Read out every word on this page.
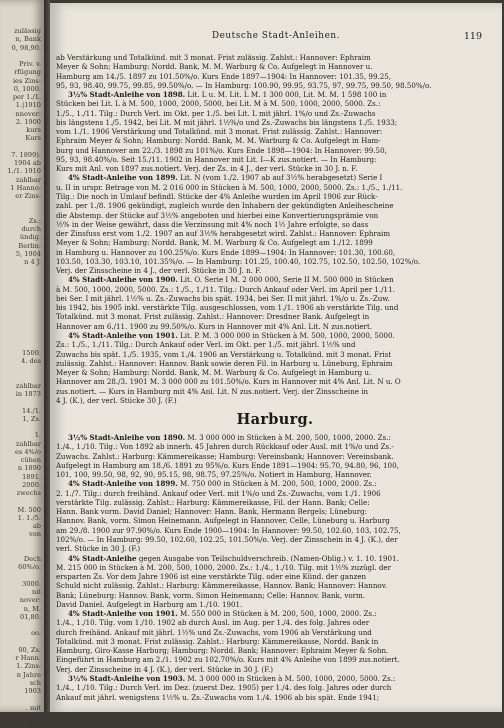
zulässig
n, Bank
0, 98,90.
Priv. v.
rfügung
ies Zins-
0, 1000.
per 1./1.
1.|1910
nnover:
2. 1900
kurs
Kurs
7. 1899).
1904 ab
1./1. 1910
zahlbar
1 Hanno-
er Zins-
Zs.:
durch
ündig.
Berlin:
5, 1904
n 4 J.
1500.
4. des
zahlbar
in 1873
14./1.
1, Zs.
1.
zahlbar
es 4%/o
cühen
n 1890
1891.
2000.
zwechs
M. 500
1. 1./5.
ab
von
Dech
60%/o.
3000.
nit
nover:
n, M.
01,80.
oo.
00, Zs.
r Hann.
1. Zins-
n Jahre
sch
1903
. mit
ilung
1906
Deutsche Stadt-Anleihen.	119
ab Verstärkung und Totalkünd. mit 3 monat. Frist zulässig. Zahlst.: Hannover: Ephraim
Meyer & Sohn; Hamburg: Nordd. Bank, M. M. Warburg & Co. Aufgelegt in Hannover u.
Hamburg am 14./5. 1897 zu 101.50%/o. Kurs Ende 1897—1904: In Hannover: 101.35, 99.25,
95, 93, 98.40, 99.75, 99.85, 99.50%/o. — In Hamburg: 100.90, 99.95, 93.75, 97, 99.75, 99.50, 98.50%/o.
3½% Stadt-Anleihe von 1898. Lit. L u. M. Lit. L M. 1 300 000, Lit. M. M. 1 598 100 in
Stücken bei Lit. L à M. 500, 1000, 2000, 5000, bei Lit. M à M. 500, 1000, 2000, 5000. Zs.:
1./5., 1./11. Tilg.: Durch Verl. im Okt. per 1./5. bei Lit. L mit jährl. 1%/o und Zs.-Zuwachs
bis längstens 1./5. 1942, bei Lit. M mit jährl. 1½%/o und Zs.-Zuwachs bis längstens 1./5. 1933;
vom 1./1. 1906 Verstärkung und Totalkünd. mit 3 monat. Frist zulässig. Zahlst.: Hannover:
Ephraim Meyer & Sohn; Hamburg: Nordd. Bank, M. M. Warburg & Co. Aufgelegt in Ham-
burg und Hannover am 22./3. 1898 zu 101%/o. Kurs Ende 1898—1904: In Hannover: 99.50,
95, 93, 98.40%/o. Seit 15./11. 1902 in Hannover mit Lit. I—K zus.notiert. — In Hamburg:
Kurs mit Anl. von 1897 zus.notiert. Verj. der Zs. in 4 J., der verl. Stücke in 30 J. n. F.
4% Stadt-Anleihe von 1899. Lit. N (vom 1./2. 1907 ab auf 3½% herabgesetzt) Serie I
u. II in urspr. Betrage von M. 2 016 000 in Stücken à M. 500, 1000, 2000, 5000. Zs.: 1./5., 1./11.
Tilg.: Die noch in Umlauf befindl. Stücke der 4% Anleihe wurden im April 1906 zur Rück-
zahl. per 1./8. 1906 gekündigt, zugleich wurde den Inhabern der gekündigten Anleihescheine
die Abstemp. der Stücke auf 3½% angeboten und hierbei eine Konvertierungsprämie von
½% in der Weise gewährt, dass die Verzinsung mit 4% noch 1½ Jahre erfolgte, so dass
der Zinsfuss erst vom 1./2. 1907 an auf 3½% herabgesetzt wird. Zahlst.: Hannover: Ephraim
Meyer & Sohn; Hamburg: Nordd. Bank, M. M. Warburg & Co. Aufgelegt am 1./12. 1899
in Hamburg u. Hannover zu 100.25%/o. Kurs Ende 1899—1904: In Hannover: 101.30, 100.60,
103.50, 103.30, 103.10, 101.35%/o. — In Hamburg: 101.25, 100.40, 102.75, 102.50, 102.50, 102%/o.
Verj. der Zinsscheine in 4 J., der verl. Stücke in 30 J. n. F.
4% Stadt-Anleihe von 1900. Lit. O. Serie I M. 2 000 000, Serie II M. 500 000 in Stücken
à M. 500, 1000, 2000, 5000. Zs.: 1./5., 1./11. Tilg.: Durch Ankauf oder Verl. im April per 1./11.
bei Ser. I mit jährl. 1½% u. Zs.-Zuwachs bis spät. 1934, bei Ser. II mit jährl. 1%/o u. Zs.-Zuw.
bis 1942, bis 1905 inkl. verstärkte Tilg. ausgeschlossen, vom 1./1. 1906 ab verstärkte Tilg. und
Totalkünd. mit 3 monat. Frist zulässig. Zahlst.: Hannover: Dresdner Bank. Aufgelegt in
Hannover am 6./11. 1900 zu 99.50%/o. Kurs in Hannover mit 4% Anl. Lit. N zus.notiert.
4% Stadt-Anleihe von 1901. Lit. P. M. 3 000 000 in Stücken à M. 500, 1000, 2000, 5000.
Zs.: 1./5., 1./11. Tilg.: Durch Ankauf oder Verl. im Okt. per 1./5. mit jährl. 1½% und
Zuwachs bis spät. 1./5. 1935, vom 1./4. 1906 an Verstärkung u. Totalkünd. mit 3 monat. Frist
zulässig. Zahlst.: Hannover: Hannov. Bank sowie deren Fil. in Harburg u. Lüneburg, Ephraim
Meyer & Sohn; Hamburg: Nordd. Bank, M. M. Warburg & Co. Aufgelegt in Hamburg u.
Hannover am 28./3. 1901 M. 3 000 000 zu 101.50%/o. Kurs in Hannover mit 4% Anl. Lit. N u. O
zus.notiert. — Kurs in Hamburg mit 4% Anl. Lit. N zus.notiert. Verj. der Zinsscheine in
4 J. (K.), der verl. Stücke 30 J. (F.)
Harburg.
3½% Stadt-Anleihe von 1890. M. 3 000 000 in Stücken à M. 200, 500, 1000, 2000. Zs.:
1./4., 1./10. Tilg.: Von 1892 ab innerh. 45 Jahren durch Rückkauf oder Ausl. mit 1%/o und Zs.-
Zuwachs. Zahlst.: Harburg: Kämmereikasse; Hamburg: Vereinsbank; Hannover: Vereinsbank.
Aufgelegt in Hamburg am 18./6. 1891 zu 95%/o. Kurs Ende 1891—1904: 95.70, 94.80, 96, 100,
101, 100, 99.50, 98, 92, 90, 95.15, 98, 98.75, 97.25%/o. Notiert in Hamburg, Hannover.
4% Stadt-Anleihe von 1899. M. 750 000 in Stücken à M. 200, 500, 1000, 2000. Zs.:
2. 1./7. Tilg.: durch freihänd. Ankauf oder Verl. mit 1%/o und Zs.-Zuwachs, vom 1./1. 1906
verstärkte Tilg. zulässig. Zahlst.: Harburg: Kämmereikasse, Fil. der Hann. Bank; Celle:
Hann. Bank vorm. David Daniel; Hannover: Hann. Bank, Hermann Bergels; Lüneburg:
Hannov. Bank, vorm. Simon Heinemann. Aufgelegt in Hannover, Celle, Lüneburg u. Harburg
am 29./8. 1900 zur 97.90%/o. Kurs Ende 1900—1904: In Hannover: 99.50, 102.60, 103, 102.75,
102%/o. — In Hamburg: 99.50, 102.60, 102.25, 101.50%/o. Verj. der Zinsschein in 4 J. (K.), der
verl. Stücke in 30 J. (F.)
4% Stadt-Anleihe gegen Ausgabe von Teilschuldverschreib. (Namen-Oblig.) v. 1. 10. 1901.
M. 215 000 in Stücken à M. 200, 500, 1000, 2000. Zs.: 1./4., 1./10. Tilg. mit 1½% zuzügl. der
ersparten Zs. Vor dem Jahre 1906 ist eine verstärkte Tilg. oder eine Künd. der ganzen
Schuld nicht zulässig. Zahlst.: Harburg: Kämmereikasse, Hannov. Bank; Hannover: Hannov.
Bank; Lüneburg: Hannov. Bank, vorm. Simon Heinemann; Celle: Hannov. Bank, vorm.
David Daniel. Aufgelegt in Harburg am 1./10. 1901.
4% Stadt-Anleihe von 1901. M. 550 000 in Stücken à M. 200, 500, 1000, 2000. Zs.:
1./4., 1./10. Tilg. vom 1./10. 1902 ab durch Ausl. im Aug. per 1./4. des folg. Jahres oder
durch freihänd. Ankauf mit jährl. 1½% und Zs.-Zuwachs, vom 1906 ab Verstärkung und
Totalkünd. mit 3 monat. Frist zulässig. Zahlst.: Harburg: Kämmereikasse, Nordd. Bank in
Hamburg, Giro-Kasse Harburg; Hamburg: Nordd. Bank; Hannover: Ephraim Meyer & Sohn.
Eingeführt in Hamburg am 2./1. 1902 zu 102.70%/o. Kurs mit 4% Anleihe von 1899 zus.notiert.
Verj. der Zinsscheine in 4 J. (K.), der verl. Stücke in 30 J. (F.)
3½% Stadt-Anleihe von 1903. M. 3 000 000 in Stücken à M. 500, 1000, 2000, 5000. Zs.:
1./4., 1./10. Tilg.: Durch Verl. im Dez. (zuerst Dez. 1905) per 1./4. des folg. Jahres oder durch
Ankauf mit jährl. wenigstens 1½% u. Zs.-Zuwachs vom 1./4. 1906 ab bis spät. Ende 1941;
